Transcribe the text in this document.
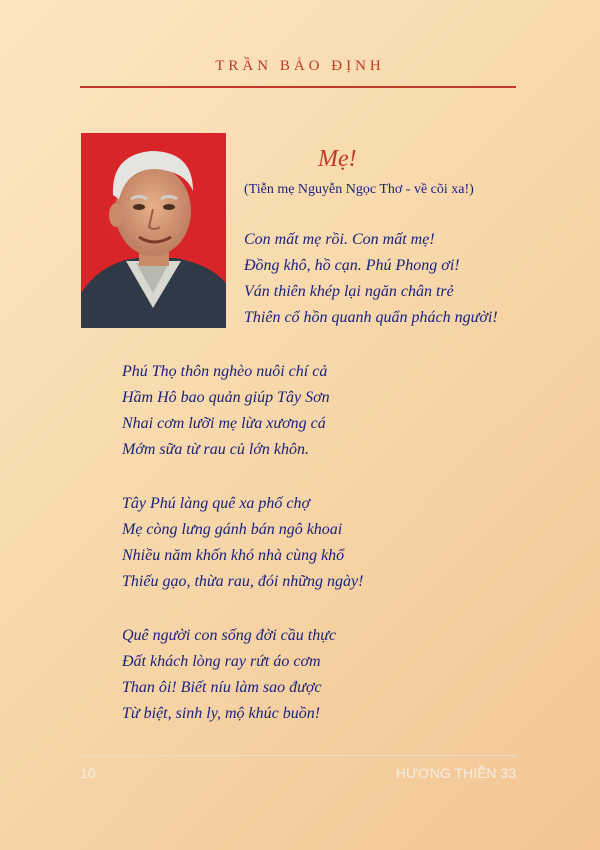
TRẦN BẢO ĐỊNH
Mẹ!
(Tiễn mẹ Nguyễn Ngọc Thơ - về cõi xa!)
Con mất mẹ rồi. Con mất mẹ!
Đồng khô, hồ cạn. Phú Phong ơi!
Ván thiên khép lại ngăn chân trẻ
Thiên cổ hồn quanh quẩn phách người!
Phú Thọ thôn nghèo nuôi chí cả
Hầm Hô bao quản giúp Tây Sơn
Nhai cơm lưỡi mẹ lừa xương cá
Mớm sữa từ rau củ lớn khôn.
Tây Phú làng quê xa phố chợ
Mẹ còng lưng gánh bán ngô khoai
Nhiều năm khốn khó nhà cùng khổ
Thiếu gạo, thừa rau, đói những ngày!
Quê người con sống đời cầu thực
Đất khách lòng ray rứt áo cơm
Than ôi! Biết níu làm sao được
Từ biệt, sinh ly, mộ khúc buồn!
10	HƯƠNG THIỀN 33
